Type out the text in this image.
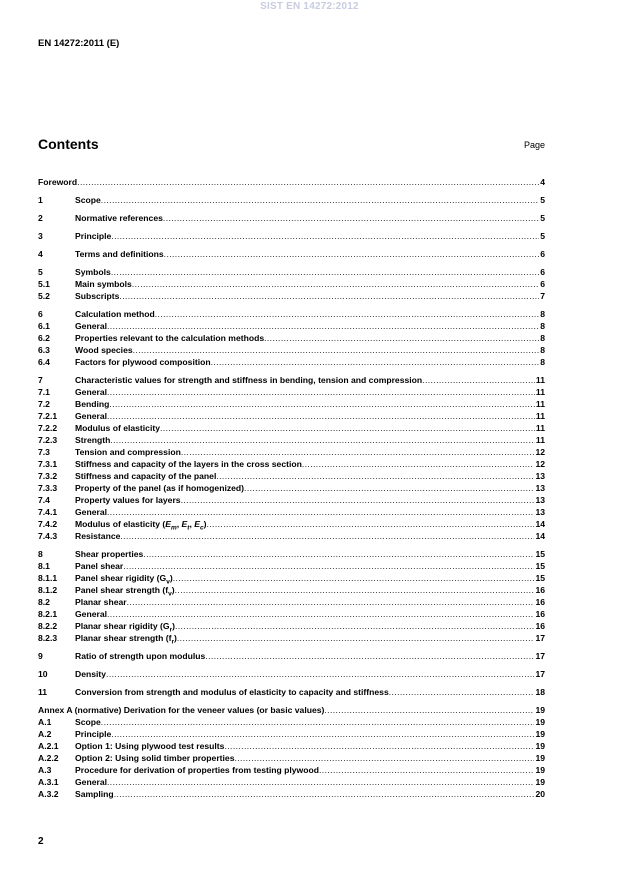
SIST EN 14272:2012
EN 14272:2011 (E)
Contents	Page
Foreword .....	4
1	Scope .....	5
2	Normative references .....	5
3	Principle .....	5
4	Terms and definitions .....	6
5	Symbols .....	6
5.1	Main symbols .....	6
5.2	Subscripts .....	7
6	Calculation method .....	8
6.1	General .....	8
6.2	Properties relevant to the calculation methods .....	8
6.3	Wood species .....	8
6.4	Factors for plywood composition .....	8
7	Characteristic values for strength and stiffness in bending, tension and compression .....	11
7.1	General .....	11
7.2	Bending .....	11
7.2.1	General .....	11
7.2.2	Modulus of elasticity .....	11
7.2.3	Strength .....	11
7.3	Tension and compression .....	12
7.3.1	Stiffness and capacity of the layers in the cross section .....	12
7.3.2	Stiffness and capacity of the panel .....	13
7.3.3	Property of the panel (as if homogenized) .....	13
7.4	Property values for layers .....	13
7.4.1	General .....	13
7.4.2	Modulus of elasticity ($E_m$, $E_t$, $E_c$) .....	14
7.4.3	Resistance .....	14
8	Shear properties .....	15
8.1	Panel shear .....	15
8.1.1	Panel shear rigidity $(G_v)$ .....	15
8.1.2	Panel shear strength $(f_v)$ .....	16
8.2	Planar shear .....	16
8.2.1	General .....	16
8.2.2	Planar shear rigidity $(G_r)$ .....	16
8.2.3	Planar shear strength $(f_r)$ .....	17
9	Ratio of strength upon modulus .....	17
10	Density .....	17
11	Conversion from strength and modulus of elasticity to capacity and stiffness .....	18
Annex A (normative) Derivation for the veneer values (or basic values) .....	19
A.1	Scope .....	19
A.2	Principle .....	19
A.2.1	Option 1: Using plywood test results .....	19
A.2.2	Option 2: Using solid timber properties .....	19
A.3	Procedure for derivation of properties from testing plywood .....	19
A.3.1	General .....	19
A.3.2	Sampling .....	20
2
